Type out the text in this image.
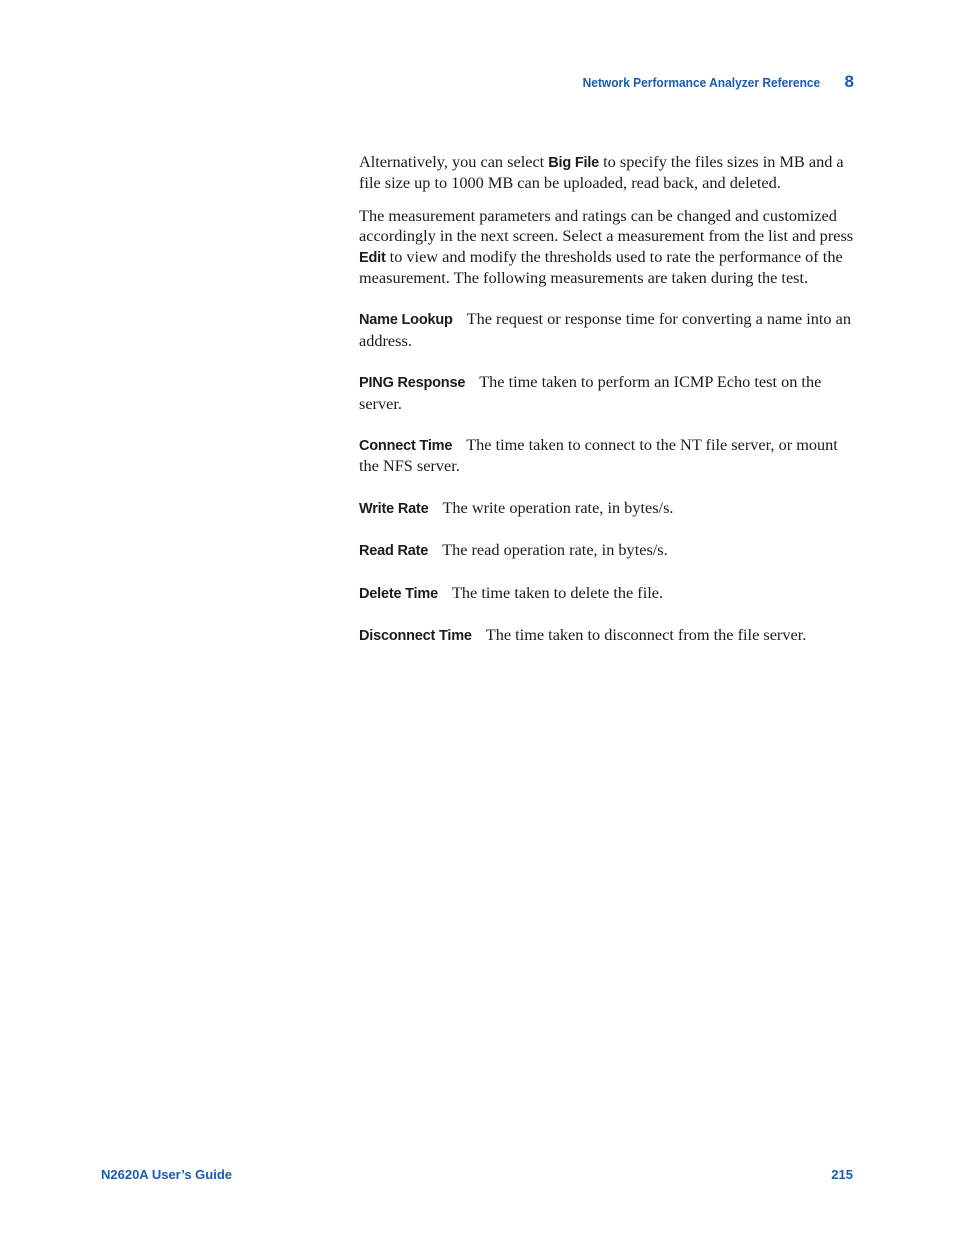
Network Performance Analyzer Reference 8

Alternatively, you can select Big File to specify the files sizes in MB and a file size up to 1000 MB can be uploaded, read back, and deleted.

The measurement parameters and ratings can be changed and customized accordingly in the next screen. Select a measurement from the list and press Edit to view and modify the thresholds used to rate the performance of the measurement. The following measurements are taken during the test.

Name Lookup The request or response time for converting a name into an address.

PING Response The time taken to perform an ICMP Echo test on the server.

Connect Time The time taken to connect to the NT file server, or mount the NFS server.

Write Rate The write operation rate, in bytes/s.

Read Rate The read operation rate, in bytes/s.

Delete Time The time taken to delete the file.

Disconnect Time The time taken to disconnect from the file server.

N2620A User’s Guide	215
